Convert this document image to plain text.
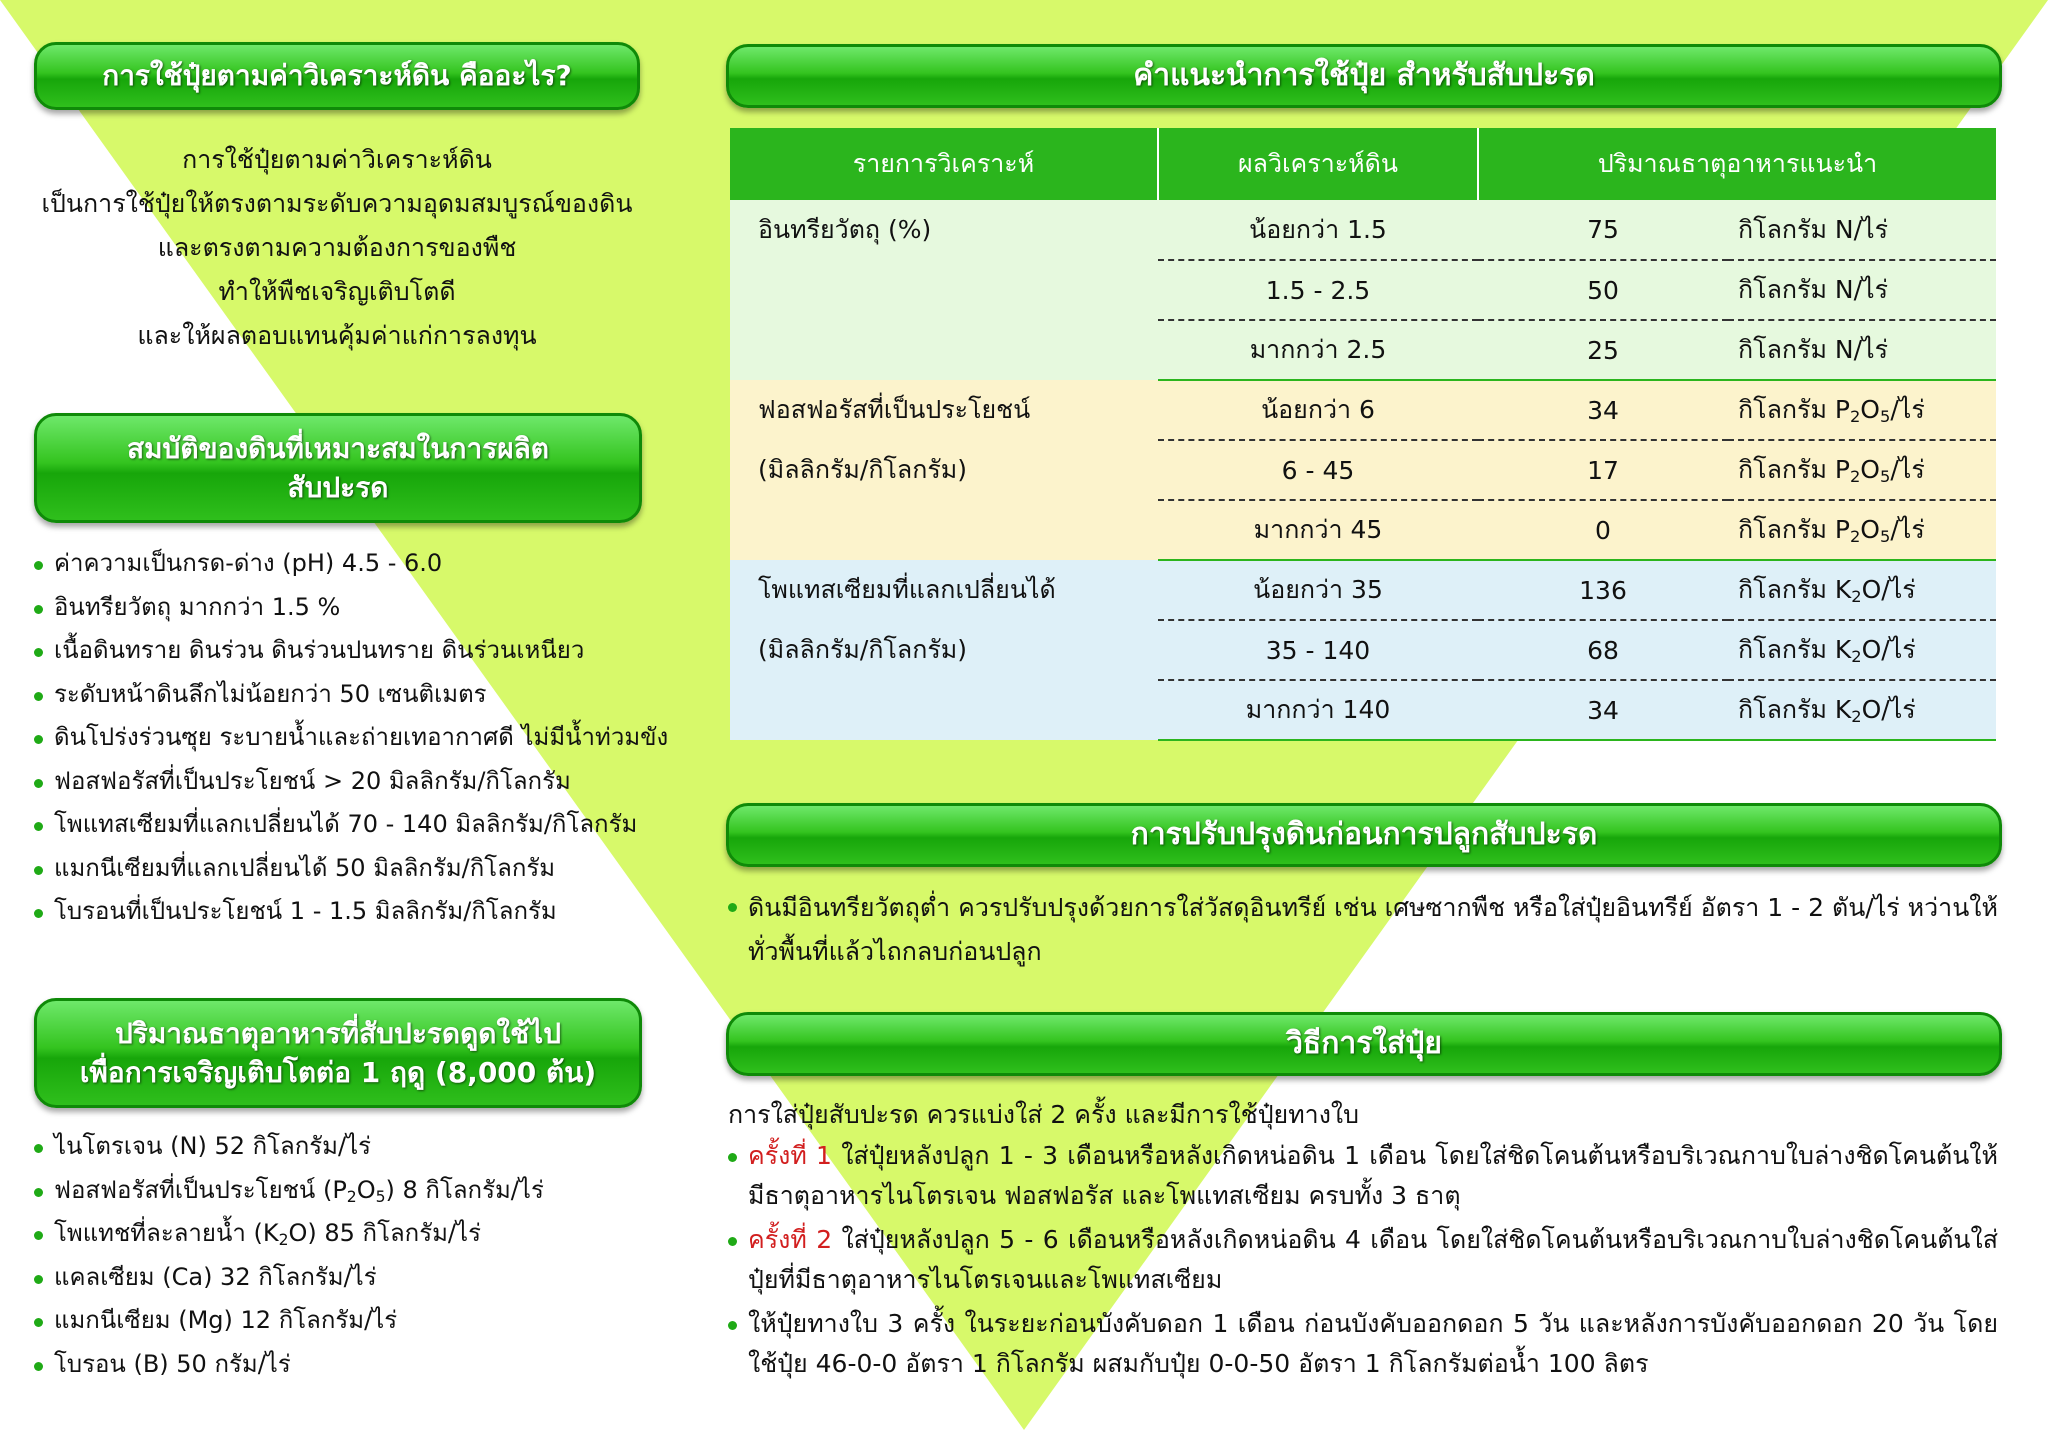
การใช้ปุ๋ยตามค่าวิเคราะห์ดิน คืออะไร?
การใช้ปุ๋ยตามค่าวิเคราะห์ดิน
เป็นการใช้ปุ๋ยให้ตรงตามระดับความอุดมสมบูรณ์ของดิน
และตรงตามความต้องการของพืช
ทำให้พืชเจริญเติบโตดี
และให้ผลตอบแทนคุ้มค่าแก่การลงทุน
สมบัติของดินที่เหมาะสมในการผลิต
สับปะรด
ค่าความเป็นกรด-ด่าง (pH) 4.5 - 6.0
อินทรียวัตถุ มากกว่า 1.5 %
เนื้อดินทราย ดินร่วน ดินร่วนปนทราย ดินร่วนเหนียว
ระดับหน้าดินลึกไม่น้อยกว่า 50 เซนติเมตร
ดินโปร่งร่วนซุย ระบายน้ำและถ่ายเทอากาศดี ไม่มีน้ำท่วมขัง
ฟอสฟอรัสที่เป็นประโยชน์ > 20 มิลลิกรัม/กิโลกรัม
โพแทสเซียมที่แลกเปลี่ยนได้ 70 - 140 มิลลิกรัม/กิโลกรัม
แมกนีเซียมที่แลกเปลี่ยนได้ 50 มิลลิกรัม/กิโลกรัม
โบรอนที่เป็นประโยชน์ 1 - 1.5 มิลลิกรัม/กิโลกรัม
ปริมาณธาตุอาหารที่สับปะรดดูดใช้ไป
เพื่อการเจริญเติบโตต่อ 1 ฤดู (8,000 ต้น)
ไนโตรเจน (N) 52 กิโลกรัม/ไร่
ฟอสฟอรัสที่เป็นประโยชน์ $(P_2O_5)$ 8 กิโลกรัม/ไร่
โพแทชที่ละลายน้ำ $(K_2O)$ 85 กิโลกรัม/ไร่
แคลเซียม (Ca) 32 กิโลกรัม/ไร่
แมกนีเซียม (Mg) 12 กิโลกรัม/ไร่
โบรอน (B) 50 กรัม/ไร่
คำแนะนำการใช้ปุ๋ย สำหรับสับปะรด
รายการวิเคราะห์	ผลวิเคราะห์ดิน	ปริมาณธาตุอาหารแนะนำ	

อินทรียวัตถุ (%)	น้อยกว่า 1.5	75	กิโลกรัม N/ไร่
	1.5 - 2.5	50	กิโลกรัม N/ไร่
	มากกว่า 2.5	25	กิโลกรัม N/ไร่

ฟอสฟอรัสที่เป็นประโยชน์
(มิลลิกรัม/กิโลกรัม)	น้อยกว่า 6	34	กิโลกรัม $P_2O_5/$ไร่
	6 - 45	17	กิโลกรัม $P_2O_5/$ไร่
	มากกว่า 45	0	กิโลกรัม $P_2O_5/$ไร่

โพแทสเซียมที่แลกเปลี่ยนได้
(มิลลิกรัม/กิโลกรัม)	น้อยกว่า 35	136	กิโลกรัม $K_2O/$ไร่
	35 - 140	68	กิโลกรัม $K_2O/$ไร่
	มากกว่า 140	34	กิโลกรัม $K_2O/$ไร่
การปรับปรุงดินก่อนการปลูกสับปะรด
ดินมีอินทรียวัตถุต่ำ ควรปรับปรุงด้วยการใส่วัสดุอินทรีย์ เช่น เศษซากพืช หรือใส่ปุ๋ยอินทรีย์ อัตรา 1 - 2 ตัน/ไร่ หว่านให้ทั่วพื้นที่แล้วไถกลบก่อนปลูก
วิธีการใส่ปุ๋ย
การใส่ปุ๋ยสับปะรด ควรแบ่งใส่ 2 ครั้ง และมีการใช้ปุ๋ยทางใบ
ครั้งที่ 1 ใส่ปุ๋ยหลังปลูก 1 - 3 เดือนหรือหลังเกิดหน่อดิน 1 เดือน โดยใส่ชิดโคนต้นหรือบริเวณกาบใบล่างชิดโคนต้นให้มีธาตุอาหารไนโตรเจน ฟอสฟอรัส และโพแทสเซียม ครบทั้ง 3 ธาตุ
ครั้งที่ 2 ใส่ปุ๋ยหลังปลูก 5 - 6 เดือนหรือหลังเกิดหน่อดิน 4 เดือน โดยใส่ชิดโคนต้นหรือบริเวณกาบใบล่างชิดโคนต้นใส่ปุ๋ยที่มีธาตุอาหารไนโตรเจนและโพแทสเซียม
ให้ปุ๋ยทางใบ 3 ครั้ง ในระยะก่อนบังคับดอก 1 เดือน ก่อนบังคับออกดอก 5 วัน และหลังการบังคับออกดอก 20 วัน โดยใช้ปุ๋ย 46-0-0 อัตรา 1 กิโลกรัม ผสมกับปุ๋ย 0-0-50 อัตรา 1 กิโลกรัมต่อน้ำ 100 ลิตร
